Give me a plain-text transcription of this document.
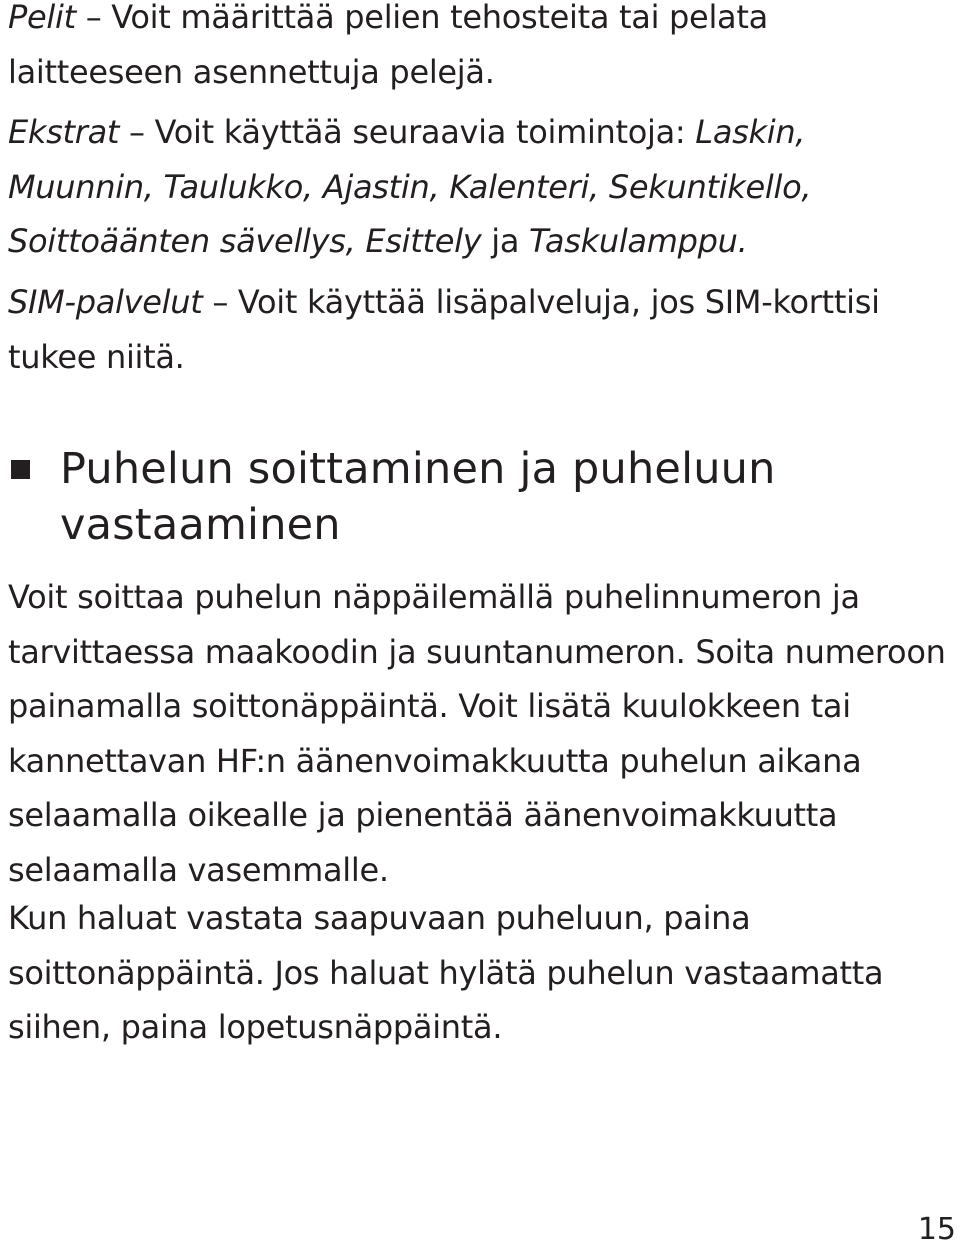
Pelit – Voit määrittää pelien tehosteita tai pelata laitteeseen asennettuja pelejä.

Ekstrat – Voit käyttää seuraavia toimintoja: Laskin, Muunnin, Taulukko, Ajastin, Kalenteri, Sekuntikello, Soittoäänten sävellys, Esittely ja Taskulamppu.

SIM-palvelut – Voit käyttää lisäpalveluja, jos SIM-korttisi tukee niitä.

Puhelun soittaminen ja puheluun vastaaminen

Voit soittaa puhelun näppäilemällä puhelinnumeron ja tarvittaessa maakoodin ja suuntanumeron. Soita numeroon painamalla soittonäppäintä. Voit lisätä kuulokkeen tai kannettavan HF:n äänenvoimakkuutta puhelun aikana selaamalla oikealle ja pienentää äänenvoimakkuutta selaamalla vasemmalle.

Kun haluat vastata saapuvaan puheluun, paina soittonäppäintä. Jos haluat hylätä puhelun vastaamatta siihen, paina lopetusnäppäintä.

15
